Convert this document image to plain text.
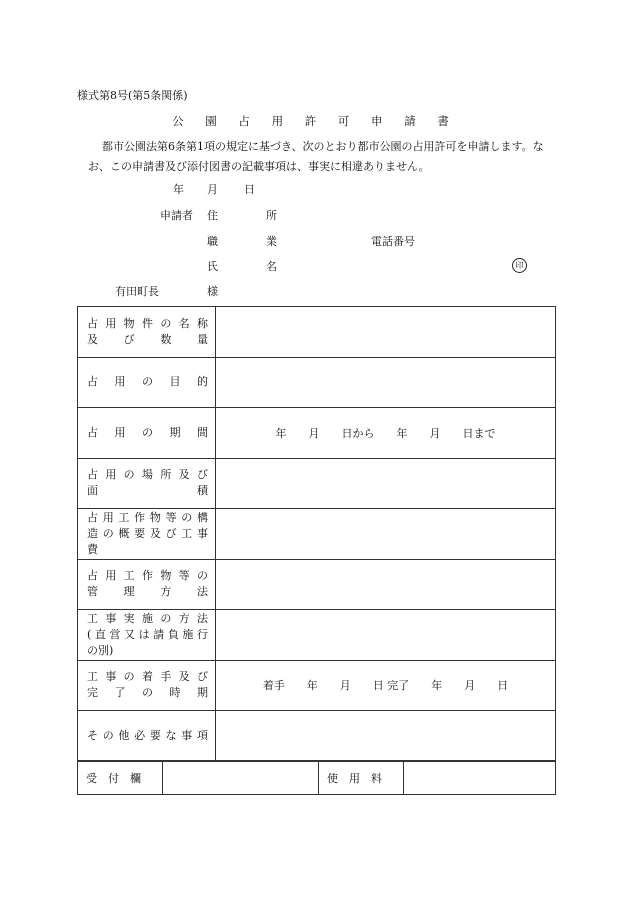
様式第8号(第5条関係)
公 園 占 用 許 可 申 請 書
都市公園法第6条第1項の規定に基づき、次のとおり都市公園の占用許可を申請します。なお、この申請書及び添付図書の記載事項は、事実に相違ありません。
年 月 日
申請者 住	所
職	業	電話番号
氏	名	印
有田町長	様
占用物件の名称
及 び 数 量	

占 用 の 目 的	

占 用 の 期 間	年　　月　　日から　　年　　月　　日まで

占用の場所及び
面　　　　積	

占用工作物等の構
造の概要及び工事
費	

占用工作物等の
管 理 方 法	

工事実施の方法
(直営又は請負施行
の別)	

工事の着手及び
完 了 の 時 期	着手　　年　　月　　日 完了　　年　　月　　日

その他必要な事項	

受　付　欄		使　用　料	
